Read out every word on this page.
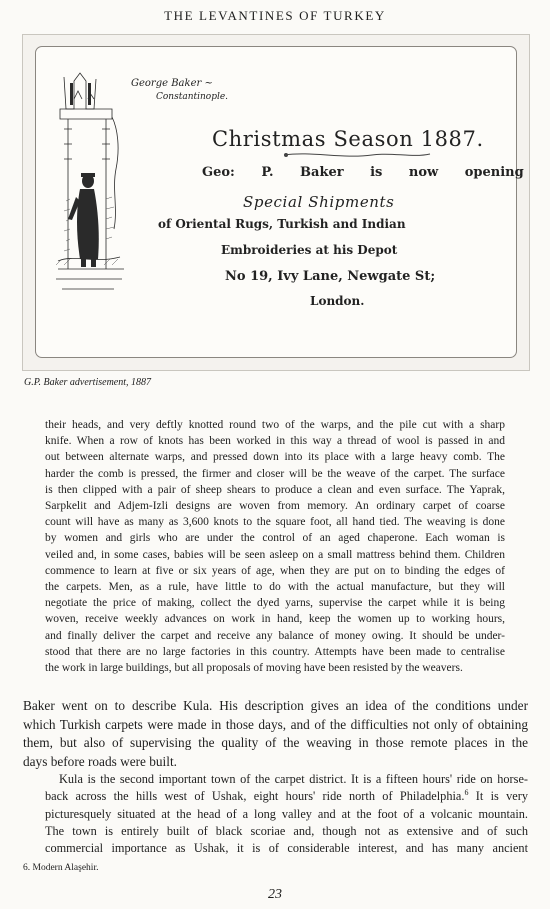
THE LEVANTINES OF TURKEY
George Baker ~
Constantinople.
Christmas Season 1887.
Geo: P. Baker is now opening
Special Shipments
of Oriental Rugs, Turkish and Indian
Embroideries at his Depot
No 19, Ivy Lane, Newgate St;
London.
G.P. Baker advertisement, 1887
their heads, and very deftly knotted round two of the warps, and the pile cut with a sharp
knife. When a row of knots has been worked in this way a thread of wool is passed in and
out between alternate warps, and pressed down into its place with a large heavy comb. The
harder the comb is pressed, the firmer and closer will be the weave of the carpet. The surface
is then clipped with a pair of sheep shears to produce a clean and even surface. The Yaprak,
Sarpkelit and Adjem-Izli designs are woven from memory. An ordinary carpet of coarse
count will have as many as 3,600 knots to the square foot, all hand tied. The weaving is done
by women and girls who are under the control of an aged chaperone. Each woman is
veiled and, in some cases, babies will be seen asleep on a small mattress behind them. Children
commence to learn at five or six years of age, when they are put on to binding the edges of
the carpets. Men, as a rule, have little to do with the actual manufacture, but they will
negotiate the price of making, collect the dyed yarns, supervise the carpet while it is being
woven, receive weekly advances on work in hand, keep the women up to working hours,
and finally deliver the carpet and receive any balance of money owing. It should be under-
stood that there are no large factories in this country. Attempts have been made to centralise
the work in large buildings, but all proposals of moving have been resisted by the weavers.
Baker went on to describe Kula. His description gives an idea of the conditions under
which Turkish carpets were made in those days, and of the difficulties not only of obtaining
them, but also of supervising the quality of the weaving in those remote places in the
days before roads were built.
Kula is the second important town of the carpet district. It is a fifteen hours' ride on horse-
back across the hills west of Ushak, eight hours' ride north of Philadelphia.$^6$ It is very
picturesquely situated at the head of a long valley and at the foot of a volcanic mountain.
The town is entirely built of black scoriae and, though not as extensive and of such
commercial importance as Ushak, it is of considerable interest, and has many ancient
6. Modern Alaşehir.
23
